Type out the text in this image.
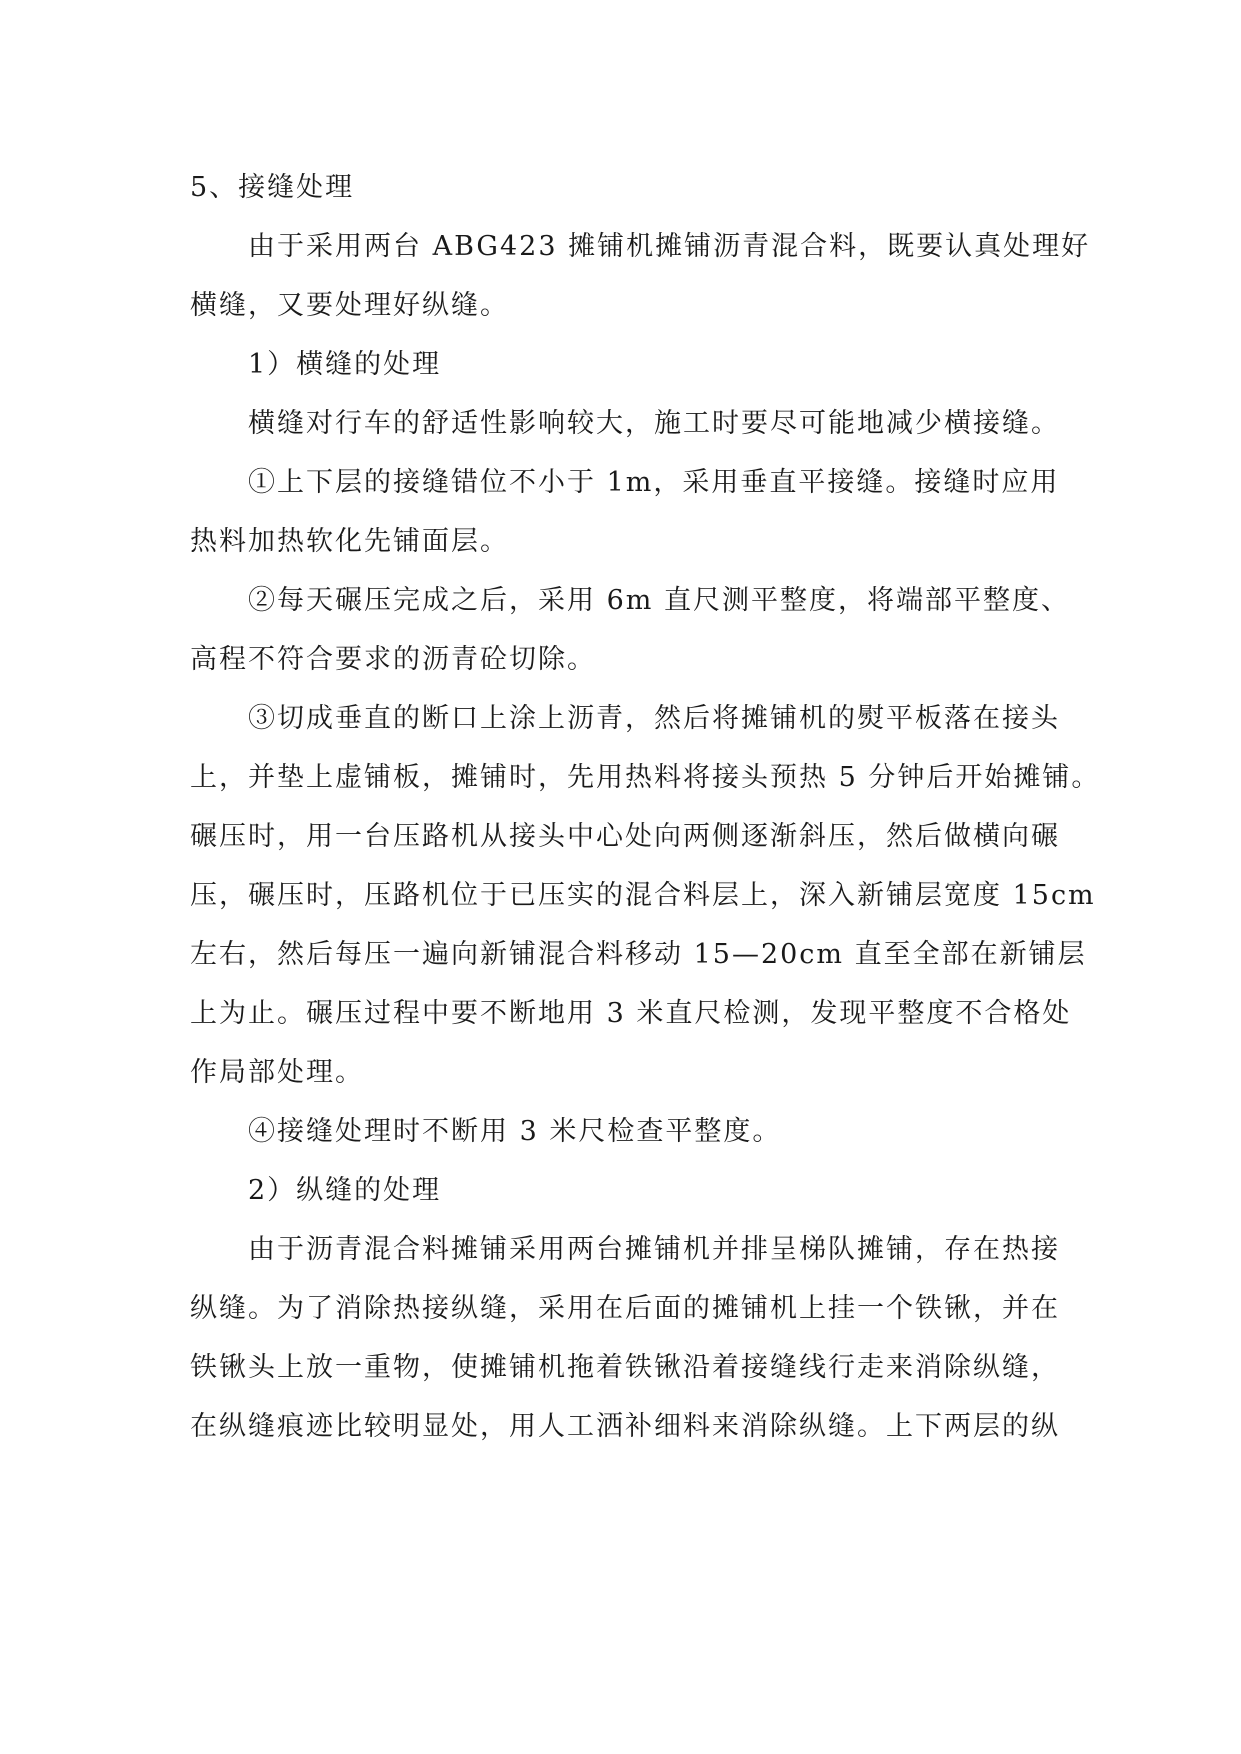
5、接缝处理
由于采用两台 ABG423 摊铺机摊铺沥青混合料，既要认真处理好
横缝，又要处理好纵缝。
1）横缝的处理
横缝对行车的舒适性影响较大，施工时要尽可能地减少横接缝。
①上下层的接缝错位不小于 1m，采用垂直平接缝。接缝时应用
热料加热软化先铺面层。
②每天碾压完成之后，采用 6m 直尺测平整度，将端部平整度、
高程不符合要求的沥青砼切除。
③切成垂直的断口上涂上沥青，然后将摊铺机的熨平板落在接头
上，并垫上虚铺板，摊铺时，先用热料将接头预热 5 分钟后开始摊铺。
碾压时，用一台压路机从接头中心处向两侧逐渐斜压，然后做横向碾
压，碾压时，压路机位于已压实的混合料层上，深入新铺层宽度 15cm
左右，然后每压一遍向新铺混合料移动 15—20cm 直至全部在新铺层
上为止。碾压过程中要不断地用 3 米直尺检测，发现平整度不合格处
作局部处理。
④接缝处理时不断用 3 米尺检查平整度。
2）纵缝的处理
由于沥青混合料摊铺采用两台摊铺机并排呈梯队摊铺，存在热接
纵缝。为了消除热接纵缝，采用在后面的摊铺机上挂一个铁锹，并在
铁锹头上放一重物，使摊铺机拖着铁锹沿着接缝线行走来消除纵缝，
在纵缝痕迹比较明显处，用人工洒补细料来消除纵缝。上下两层的纵
